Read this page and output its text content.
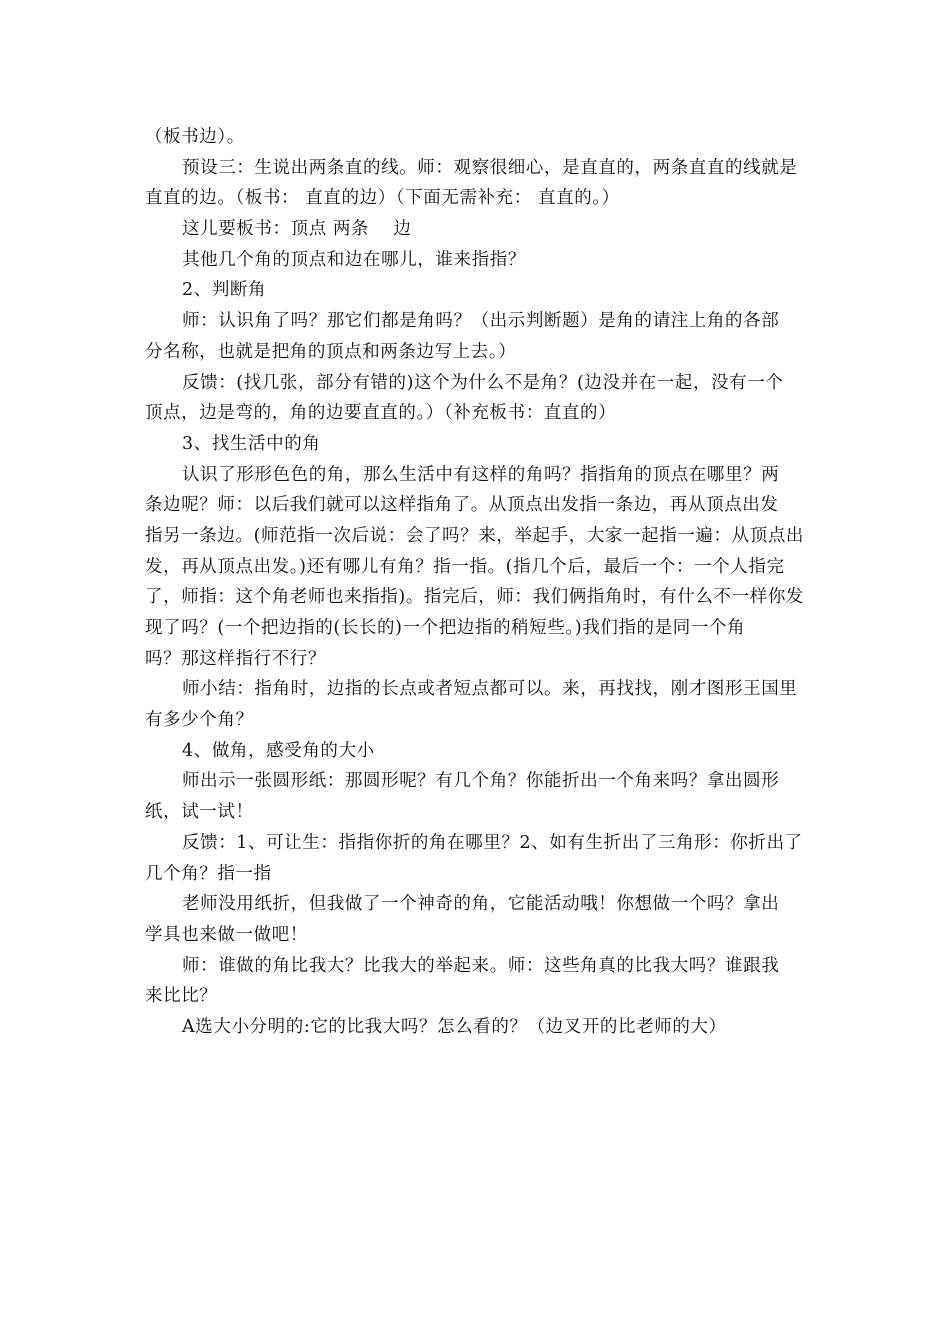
（板书边）。
预设三：生说出两条直的线。师：观察很细心，是直直的，两条直直的线就是
直直的边。（板书： 直直的边）（下面无需补充： 直直的。）
这儿要板书：顶点 两条　 边
其他几个角的顶点和边在哪儿，谁来指指？
2、判断角
师：认识角了吗？那它们都是角吗？（出示判断题）是角的请注上角的各部
分名称，也就是把角的顶点和两条边写上去。）
反馈：(找几张，部分有错的)这个为什么不是角？(边没并在一起，没有一个
顶点，边是弯的，角的边要直直的。）（补充板书：直直的）
3、找生活中的角
认识了形形色色的角，那么生活中有这样的角吗？指指角的顶点在哪里？两
条边呢？师：以后我们就可以这样指角了。从顶点出发指一条边，再从顶点出发
指另一条边。(师范指一次后说：会了吗？来，举起手，大家一起指一遍：从顶点出
发，再从顶点出发。)还有哪儿有角？指一指。(指几个后，最后一个：一个人指完
了，师指：这个角老师也来指指)。指完后，师：我们俩指角时，有什么不一样你发
现了吗？(一个把边指的(长长的)一个把边指的稍短些。)我们指的是同一个角
吗？那这样指行不行？
师小结：指角时，边指的长点或者短点都可以。来，再找找，刚才图形王国里
有多少个角？
4、做角，感受角的大小
师出示一张圆形纸：那圆形呢？有几个角？你能折出一个角来吗？拿出圆形
纸，试一试！
反馈：1、可让生：指指你折的角在哪里？2、如有生折出了三角形：你折出了
几个角？指一指
老师没用纸折，但我做了一个神奇的角，它能活动哦！你想做一个吗？拿出
学具也来做一做吧！
师：谁做的角比我大？比我大的举起来。师：这些角真的比我大吗？谁跟我
来比比？
A选大小分明的:它的比我大吗？怎么看的？（边叉开的比老师的大）
